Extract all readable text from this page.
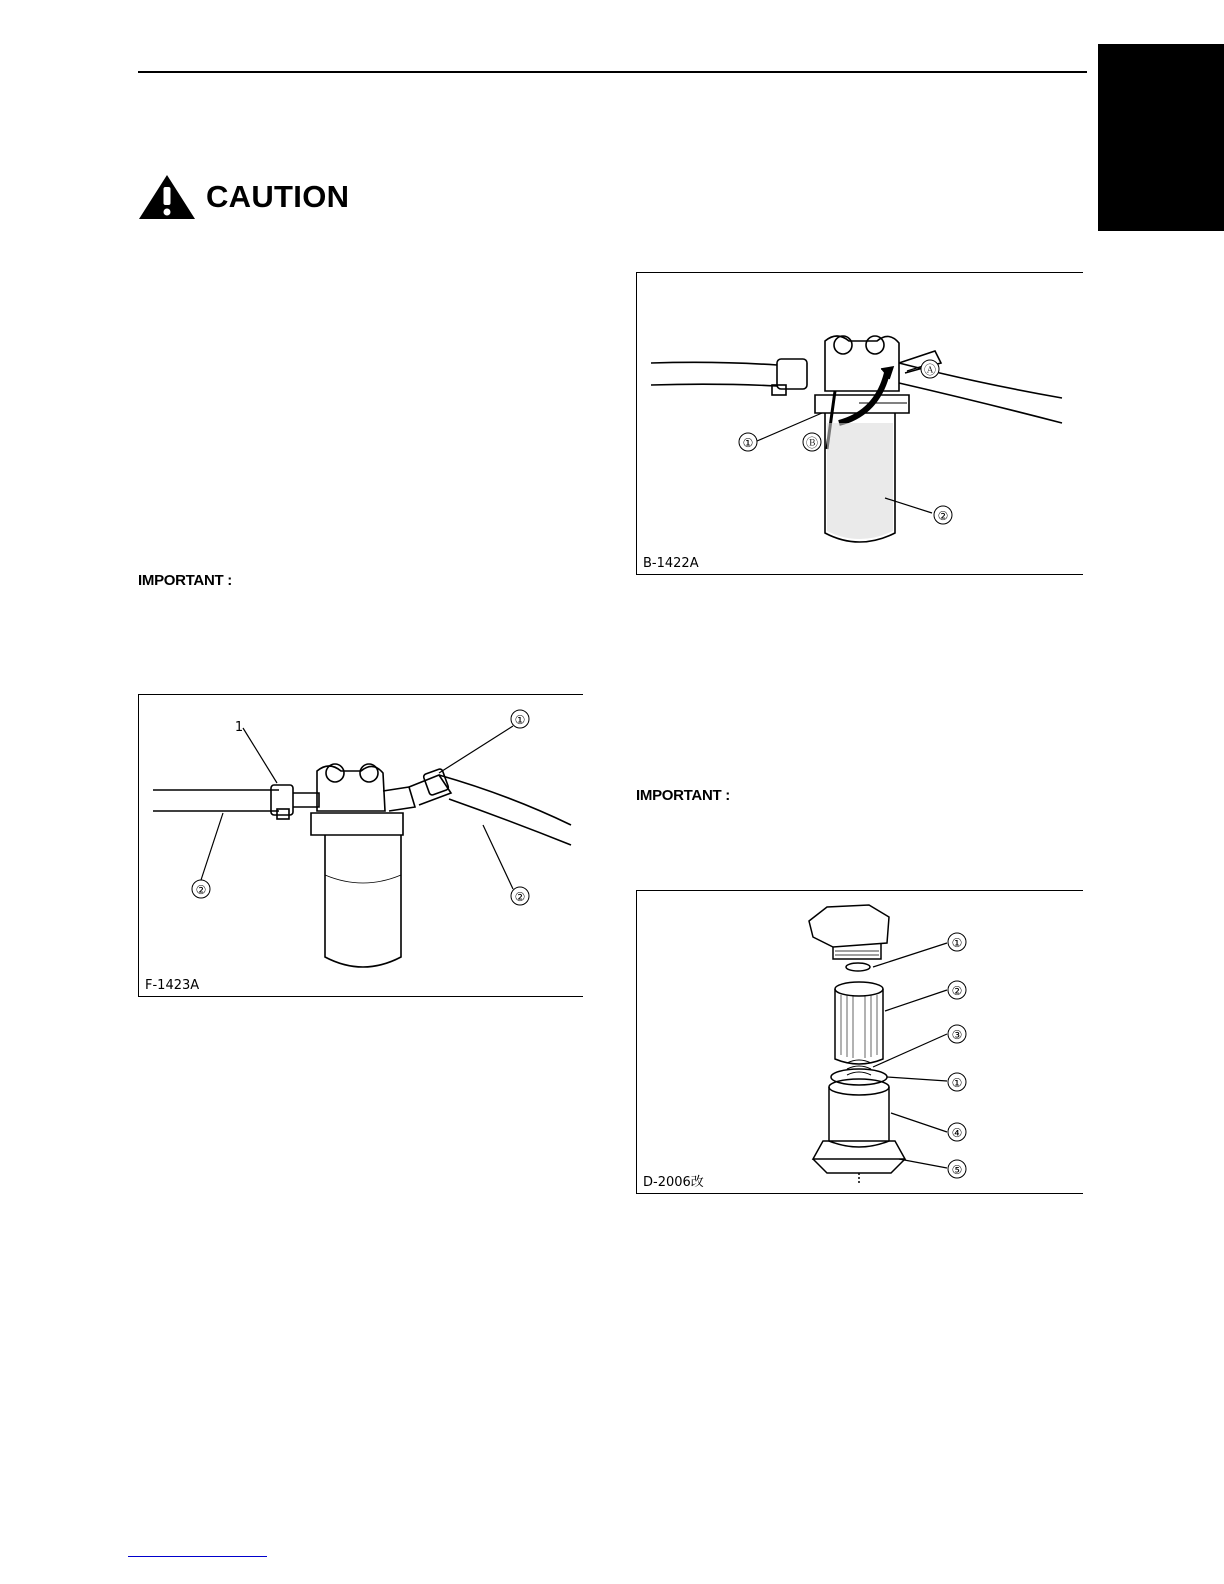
CAUTION
IMPORTANT :
IMPORTANT :
①	Ⓑ
Ⓐ
②
B-1422A
1	①
②	②
F-1423A
①
②
③
①
④
⑤
D-2006改
